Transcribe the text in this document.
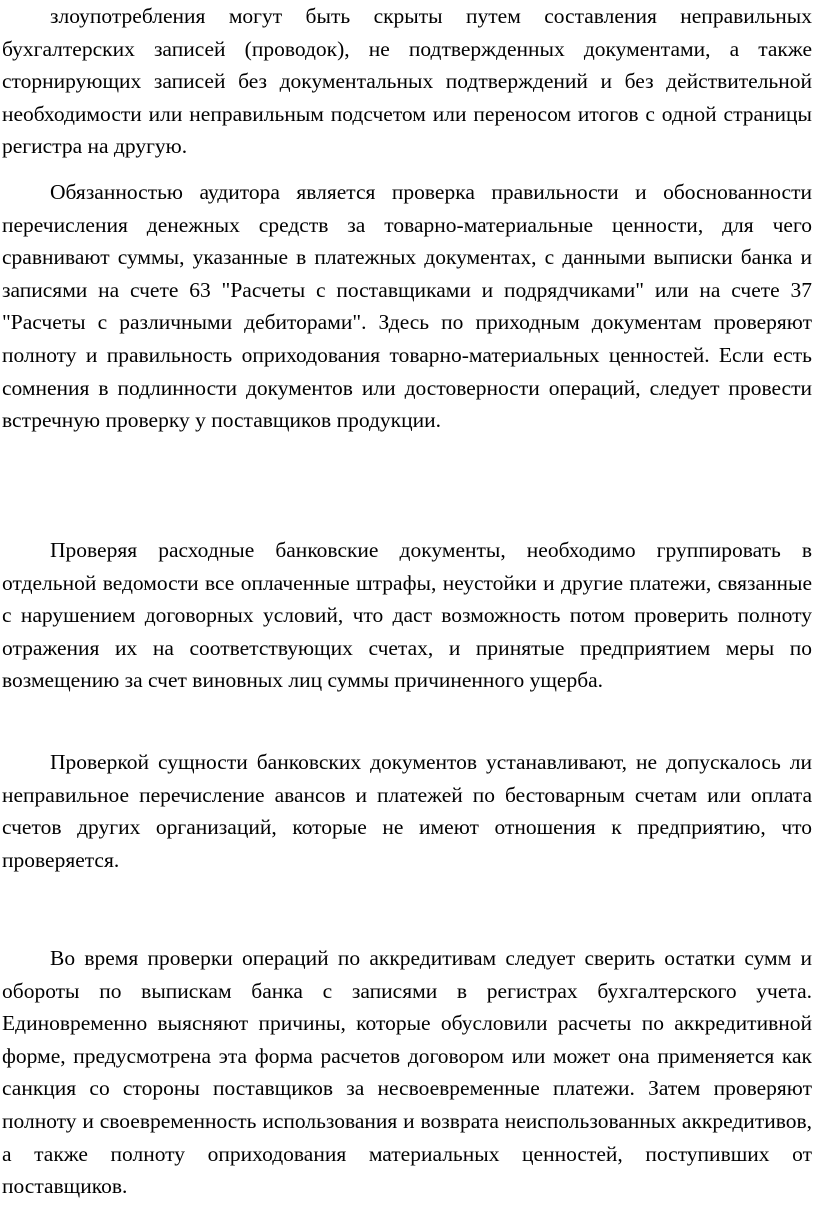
злоупотребления могут быть скрыты путем составления неправильных бухгалтерских записей (проводок), не подтвержденных документами, а также сторнирующих записей без документальных подтверждений и без действительной необходимости или неправильным подсчетом или переносом итогов с одной страницы регистра на другую.

Обязанностью аудитора является проверка правильности и обоснованности перечисления денежных средств за товарно-материальные ценности, для чего сравнивают суммы, указанные в платежных документах, с данными выписки банка и записями на счете 63 "Расчеты с поставщиками и подрядчиками" или на счете 37 "Расчеты с различными дебиторами". Здесь по приходным документам проверяют полноту и правильность оприходования товарно-материальных ценностей. Если есть сомнения в подлинности документов или достоверности операций, следует провести встречную проверку у поставщиков продукции.

Проверяя расходные банковские документы, необходимо группировать в отдельной ведомости все оплаченные штрафы, неустойки и другие платежи, связанные с нарушением договорных условий, что даст возможность потом проверить полноту отражения их на соответствующих счетах, и принятые предприятием меры по возмещению за счет виновных лиц суммы причиненного ущерба.

Проверкой сущности банковских документов устанавливают, не допускалось ли неправильное перечисление авансов и платежей по бестоварным счетам или оплата счетов других организаций, которые не имеют отношения к предприятию, что проверяется.

Во время проверки операций по аккредитивам следует сверить остатки сумм и обороты по выпискам банка с записями в регистрах бухгалтерского учета. Единовременно выясняют причины, которые обусловили расчеты по аккредитивной форме, предусмотрена эта форма расчетов договором или может она применяется как санкция со стороны поставщиков за несвоевременные платежи. Затем проверяют полноту и своевременность использования и возврата неиспользованных аккредитивов, а также полноту оприходования материальных ценностей, поступивших от поставщиков.
